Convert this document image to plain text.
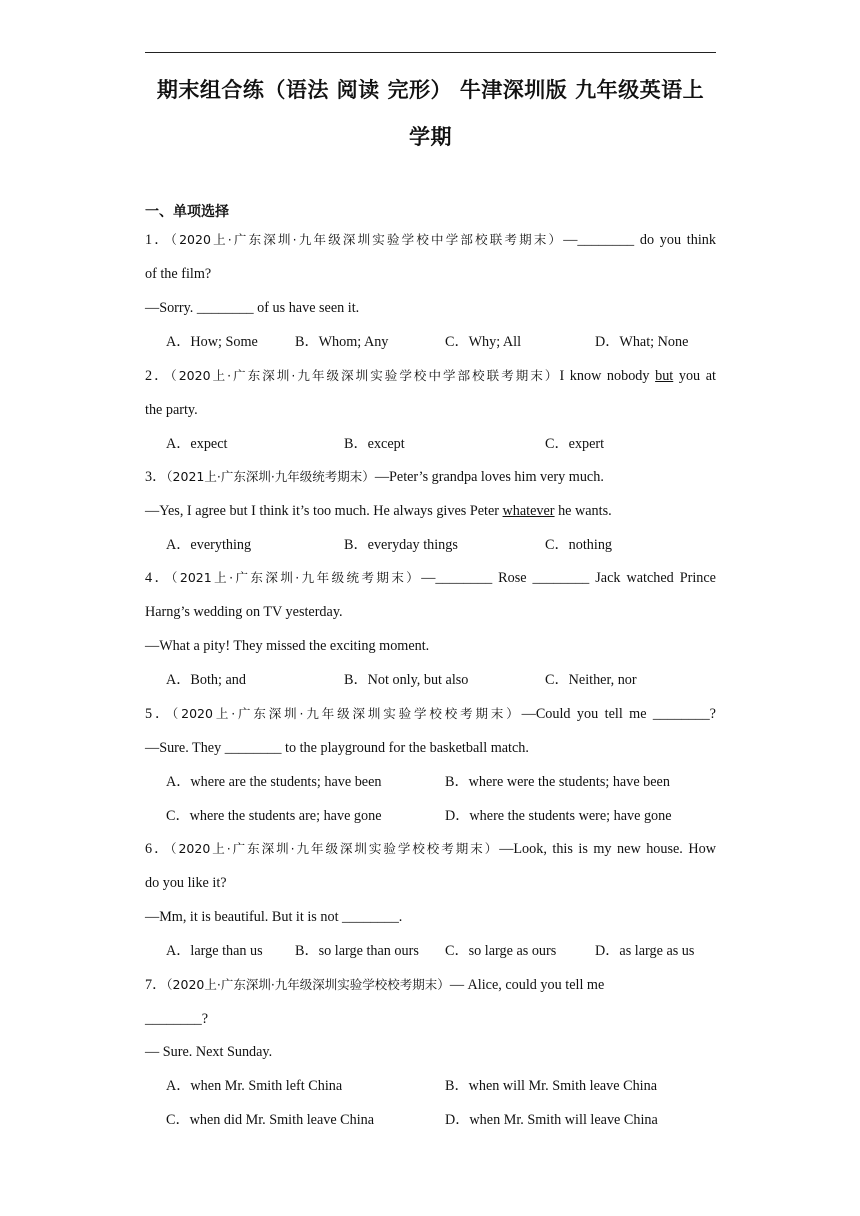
期末组合练（语法 阅读 完形） 牛津深圳版 九年级英语上
学期
一、单项选择
1．（2020上·广东深圳·九年级深圳实验学校中学部校联考期末）—________ do you think
of the film?
—Sorry. ________ of us have seen it.
A．How; Some	B．Whom; Any	C．Why; All	D．What; None
2．（2020上·广东深圳·九年级深圳实验学校中学部校联考期末）I know nobody but you at
the party.
A．expect	B．except	C．expert
3．（2021上·广东深圳·九年级统考期末）—Peter’s grandpa loves him very much.
—Yes, I agree but I think it’s too much. He always gives Peter whatever he wants.
A．everything	B．everyday things	C．nothing
4．（2021上·广东深圳·九年级统考期末）—________ Rose ________ Jack watched Prince
Harng’s wedding on TV yesterday.
—What a pity! They missed the exciting moment.
A．Both; and	B．Not only, but also	C．Neither, nor
5．（2020上·广东深圳·九年级深圳实验学校校考期末）—Could you tell me ________?
—Sure. They ________ to the playground for the basketball match.
A．where are the students; have been	B．where were the students; have been
C．where the students are; have gone	D．where the students were; have gone
6．（2020上·广东深圳·九年级深圳实验学校校考期末）—Look, this is my new house. How
do you like it?
—Mm, it is beautiful. But it is not ________.
A．large than us B．so large than ours C．so large as ours	D．as large as us
7．（2020上·广东深圳·九年级深圳实验学校校考期末）— Alice, could you tell me
________?
— Sure. Next Sunday.
A．when Mr. Smith left China	B．when will Mr. Smith leave China
C．when did Mr. Smith leave China	D．when Mr. Smith will leave China
